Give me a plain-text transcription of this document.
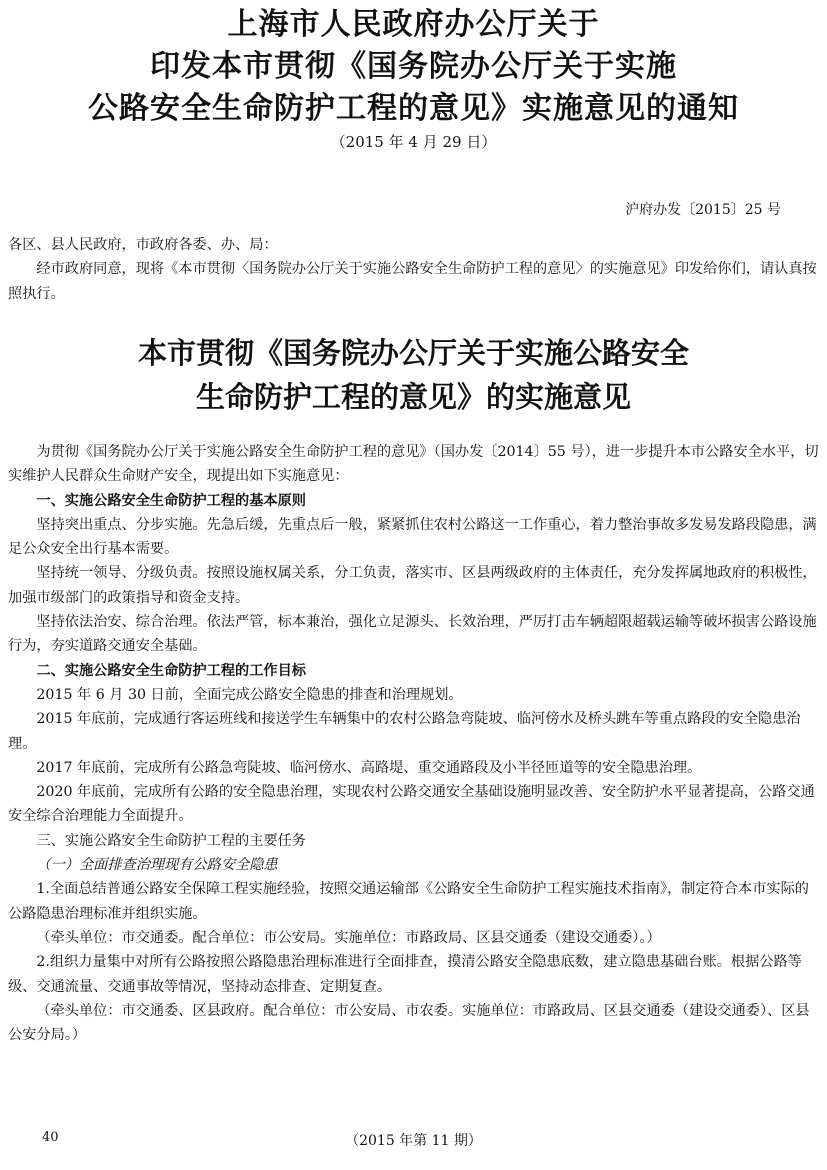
上海市人民政府办公厅关于

印发本市贯彻《国务院办公厅关于实施

公路安全生命防护工程的意见》实施意见的通知

（2015 年 4 月 29 日）

沪府办发〔2015〕25 号

各区、县人民政府，市政府各委、办、局：

经市政府同意，现将《本市贯彻〈国务院办公厅关于实施公路安全生命防护工程的意见〉的实施意见》印发给你们，请认真按照执行。

本市贯彻《国务院办公厅关于实施公路安全

生命防护工程的意见》的实施意见

为贯彻《国务院办公厅关于实施公路安全生命防护工程的意见》（国办发〔2014〕55 号），进一步提升本市公路安全水平，切实维护人民群众生命财产安全，现提出如下实施意见：

一、实施公路安全生命防护工程的基本原则

坚持突出重点、分步实施。先急后缓，先重点后一般，紧紧抓住农村公路这一工作重心，着力整治事故多发易发路段隐患，满足公众安全出行基本需要。

坚持统一领导、分级负责。按照设施权属关系，分工负责，落实市、区县两级政府的主体责任，充分发挥属地政府的积极性，加强市级部门的政策指导和资金支持。

坚持依法治安、综合治理。依法严管，标本兼治，强化立足源头、长效治理，严厉打击车辆超限超载运输等破坏损害公路设施行为，夯实道路交通安全基础。

二、实施公路安全生命防护工程的工作目标

2015 年 6 月 30 日前，全面完成公路安全隐患的排查和治理规划。

2015 年底前，完成通行客运班线和接送学生车辆集中的农村公路急弯陡坡、临河傍水及桥头跳车等重点路段的安全隐患治理。

2017 年底前，完成所有公路急弯陡坡、临河傍水、高路堤、重交通路段及小半径匝道等的安全隐患治理。

2020 年底前，完成所有公路的安全隐患治理，实现农村公路交通安全基础设施明显改善、安全防护水平显著提高，公路交通安全综合治理能力全面提升。

三、实施公路安全生命防护工程的主要任务

（一）全面排查治理现有公路安全隐患

1.全面总结普通公路安全保障工程实施经验，按照交通运输部《公路安全生命防护工程实施技术指南》，制定符合本市实际的公路隐患治理标准并组织实施。

（牵头单位：市交通委。配合单位：市公安局。实施单位：市路政局、区县交通委（建设交通委）。）

2.组织力量集中对所有公路按照公路隐患治理标准进行全面排查，摸清公路安全隐患底数，建立隐患基础台账。根据公路等级、交通流量、交通事故等情况，坚持动态排查、定期复查。

（牵头单位：市交通委、区县政府。配合单位：市公安局、市农委。实施单位：市路政局、区县交通委（建设交通委）、区县公安分局。）

40	（2015 年第 11 期）
